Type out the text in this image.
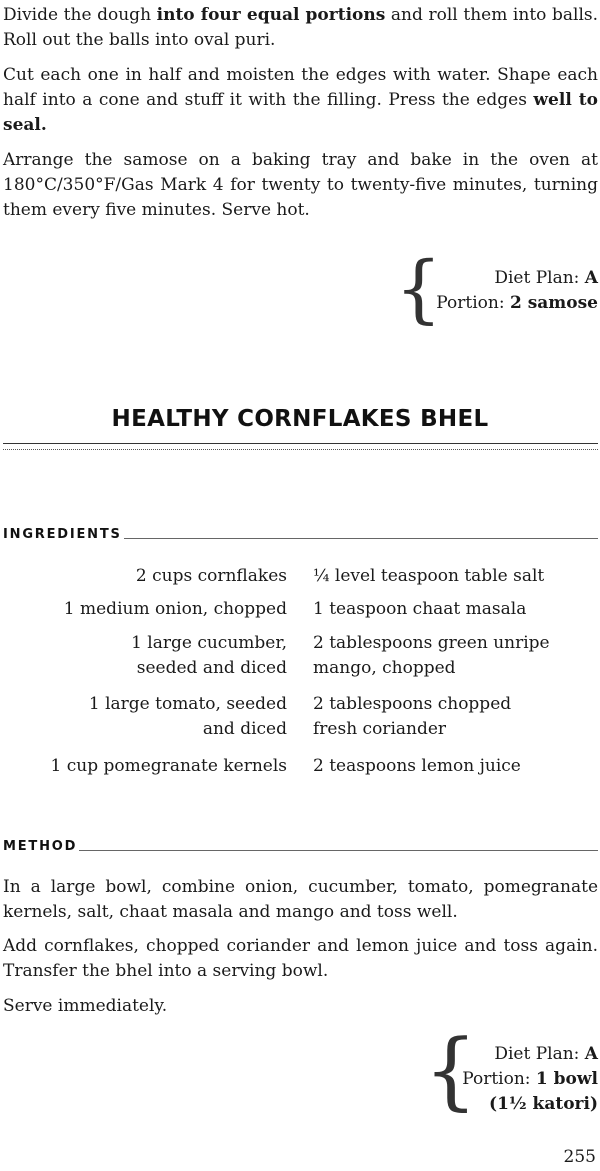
Divide the dough into four equal portions and roll them into balls. Roll out the balls into oval puri.

Cut each one in half and moisten the edges with water. Shape each half into a cone and stuff it with the filling. Press the edges well to seal.

Arrange the samose on a baking tray and bake in the oven at 180°C/350°F/Gas Mark 4 for twenty to twenty-five minutes, turning them every five minutes. Serve hot.

{	Diet Plan: A
Portion: 2 samose
HEALTHY CORNFLAKES BHEL
INGREDIENTS
2 cups cornflakes ¼ level teaspoon table salt
1 medium onion, chopped 1 teaspoon chaat masala
1 large cucumber,
seeded and diced
2 tablespoons green unripe
mango, chopped
1 large tomato, seeded
and diced
2 tablespoons chopped
fresh coriander
1 cup pomegranate kernels 2 teaspoons lemon juice
METHOD

In a large bowl, combine onion, cucumber, tomato, pomegranate kernels, salt, chaat masala and mango and toss well.

Add cornflakes, chopped coriander and lemon juice and toss again. Transfer the bhel into a serving bowl.

Serve immediately.

{ Diet Plan: A
Portion: 1 bowl
(1½ katori)
255
